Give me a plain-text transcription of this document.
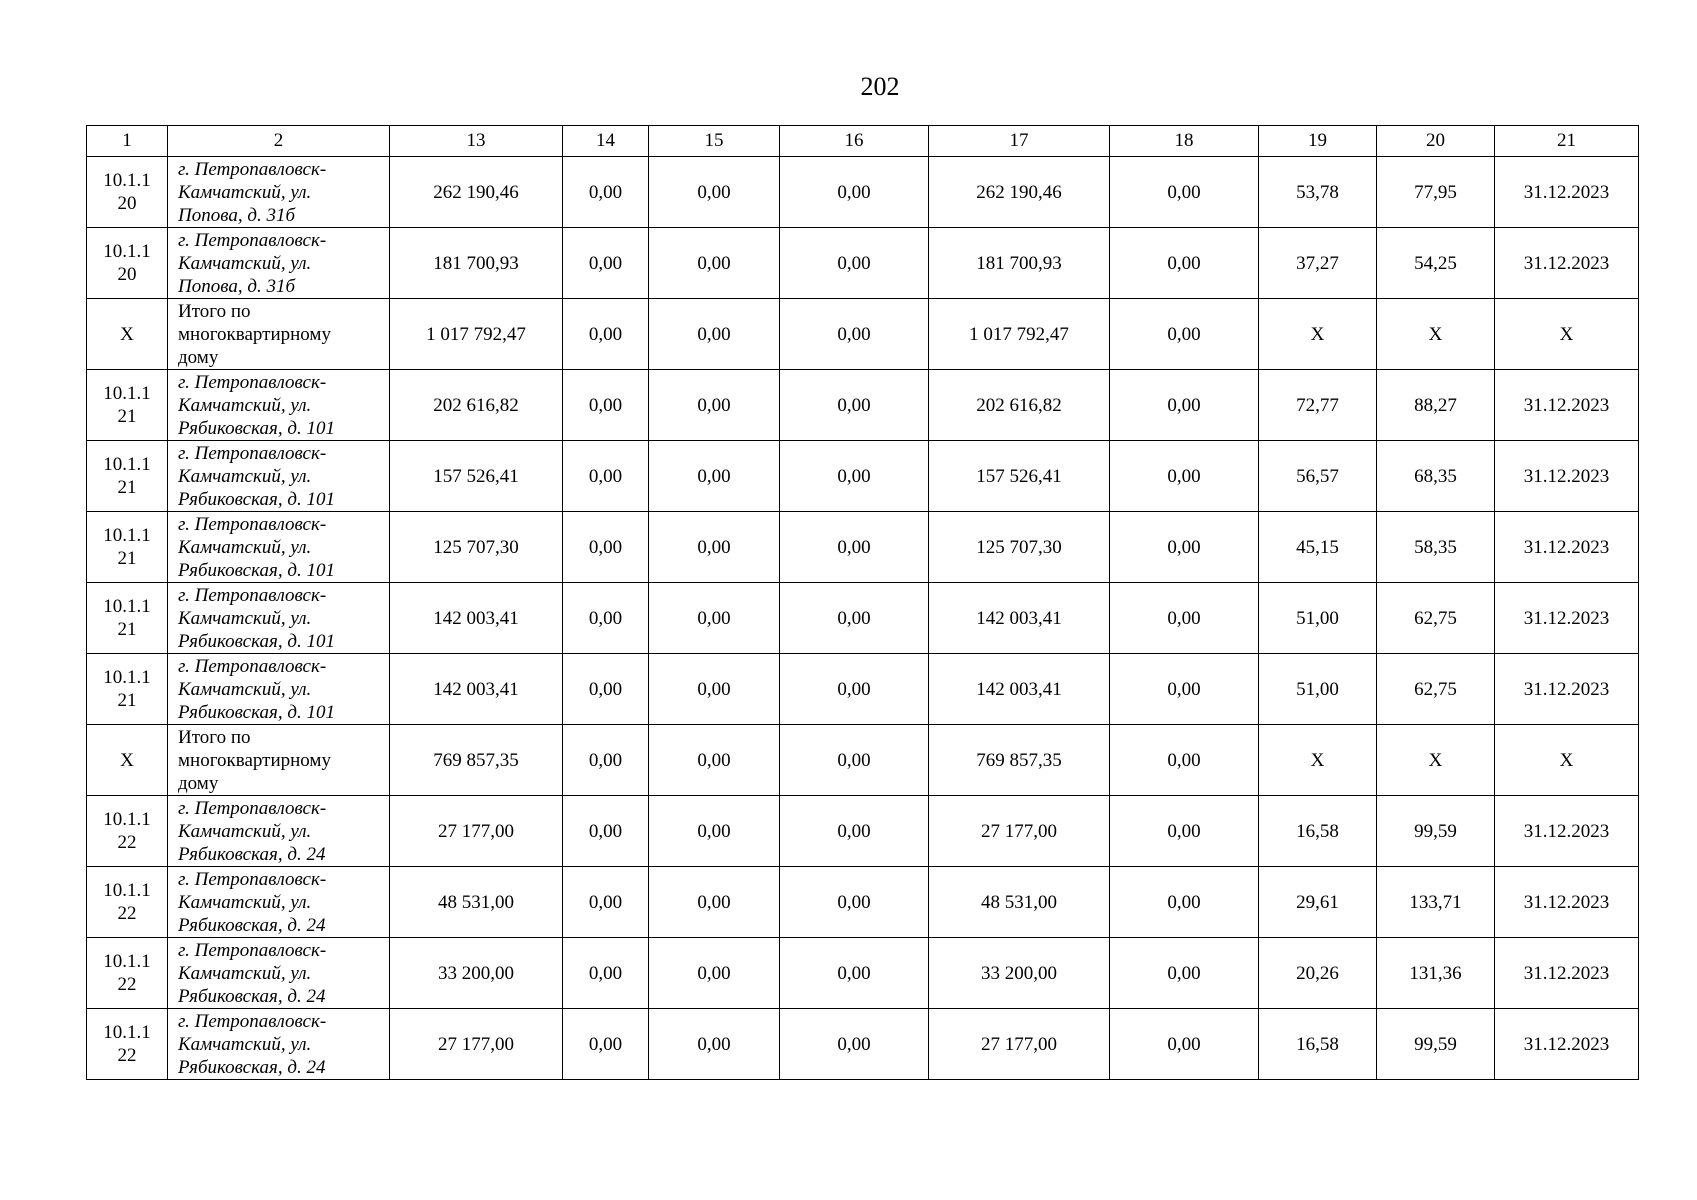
202
1	2	13	14	15	16	17	18	19	20	21

10.1.1
20	г. Петропавловск-
Камчатский, ул.
Попова, д. 31б	262 190,46	0,00	0,00	0,00	262 190,46	0,00	53,78	77,95	31.12.2023

10.1.1
20	г. Петропавловск-
Камчатский, ул.
Попова, д. 31б	181 700,93	0,00	0,00	0,00	181 700,93	0,00	37,27	54,25	31.12.2023

X	Итого по
многоквартирному
дому	1 017 792,47	0,00	0,00	0,00	1 017 792,47	0,00	X	X	X

10.1.1
21	г. Петропавловск-
Камчатский, ул.
Рябиковская, д. 101	202 616,82	0,00	0,00	0,00	202 616,82	0,00	72,77	88,27	31.12.2023

10.1.1
21	г. Петропавловск-
Камчатский, ул.
Рябиковская, д. 101	157 526,41	0,00	0,00	0,00	157 526,41	0,00	56,57	68,35	31.12.2023

10.1.1
21	г. Петропавловск-
Камчатский, ул.
Рябиковская, д. 101	125 707,30	0,00	0,00	0,00	125 707,30	0,00	45,15	58,35	31.12.2023

10.1.1
21	г. Петропавловск-
Камчатский, ул.
Рябиковская, д. 101	142 003,41	0,00	0,00	0,00	142 003,41	0,00	51,00	62,75	31.12.2023

10.1.1
21	г. Петропавловск-
Камчатский, ул.
Рябиковская, д. 101	142 003,41	0,00	0,00	0,00	142 003,41	0,00	51,00	62,75	31.12.2023

X	Итого по
многоквартирному
дому	769 857,35	0,00	0,00	0,00	769 857,35	0,00	X	X	X

10.1.1
22	г. Петропавловск-
Камчатский, ул.
Рябиковская, д. 24	27 177,00	0,00	0,00	0,00	27 177,00	0,00	16,58	99,59	31.12.2023

10.1.1
22	г. Петропавловск-
Камчатский, ул.
Рябиковская, д. 24	48 531,00	0,00	0,00	0,00	48 531,00	0,00	29,61	133,71	31.12.2023

10.1.1
22	г. Петропавловск-
Камчатский, ул.
Рябиковская, д. 24	33 200,00	0,00	0,00	0,00	33 200,00	0,00	20,26	131,36	31.12.2023

10.1.1
22	г. Петропавловск-
Камчатский, ул.
Рябиковская, д. 24	27 177,00	0,00	0,00	0,00	27 177,00	0,00	16,58	99,59	31.12.2023
